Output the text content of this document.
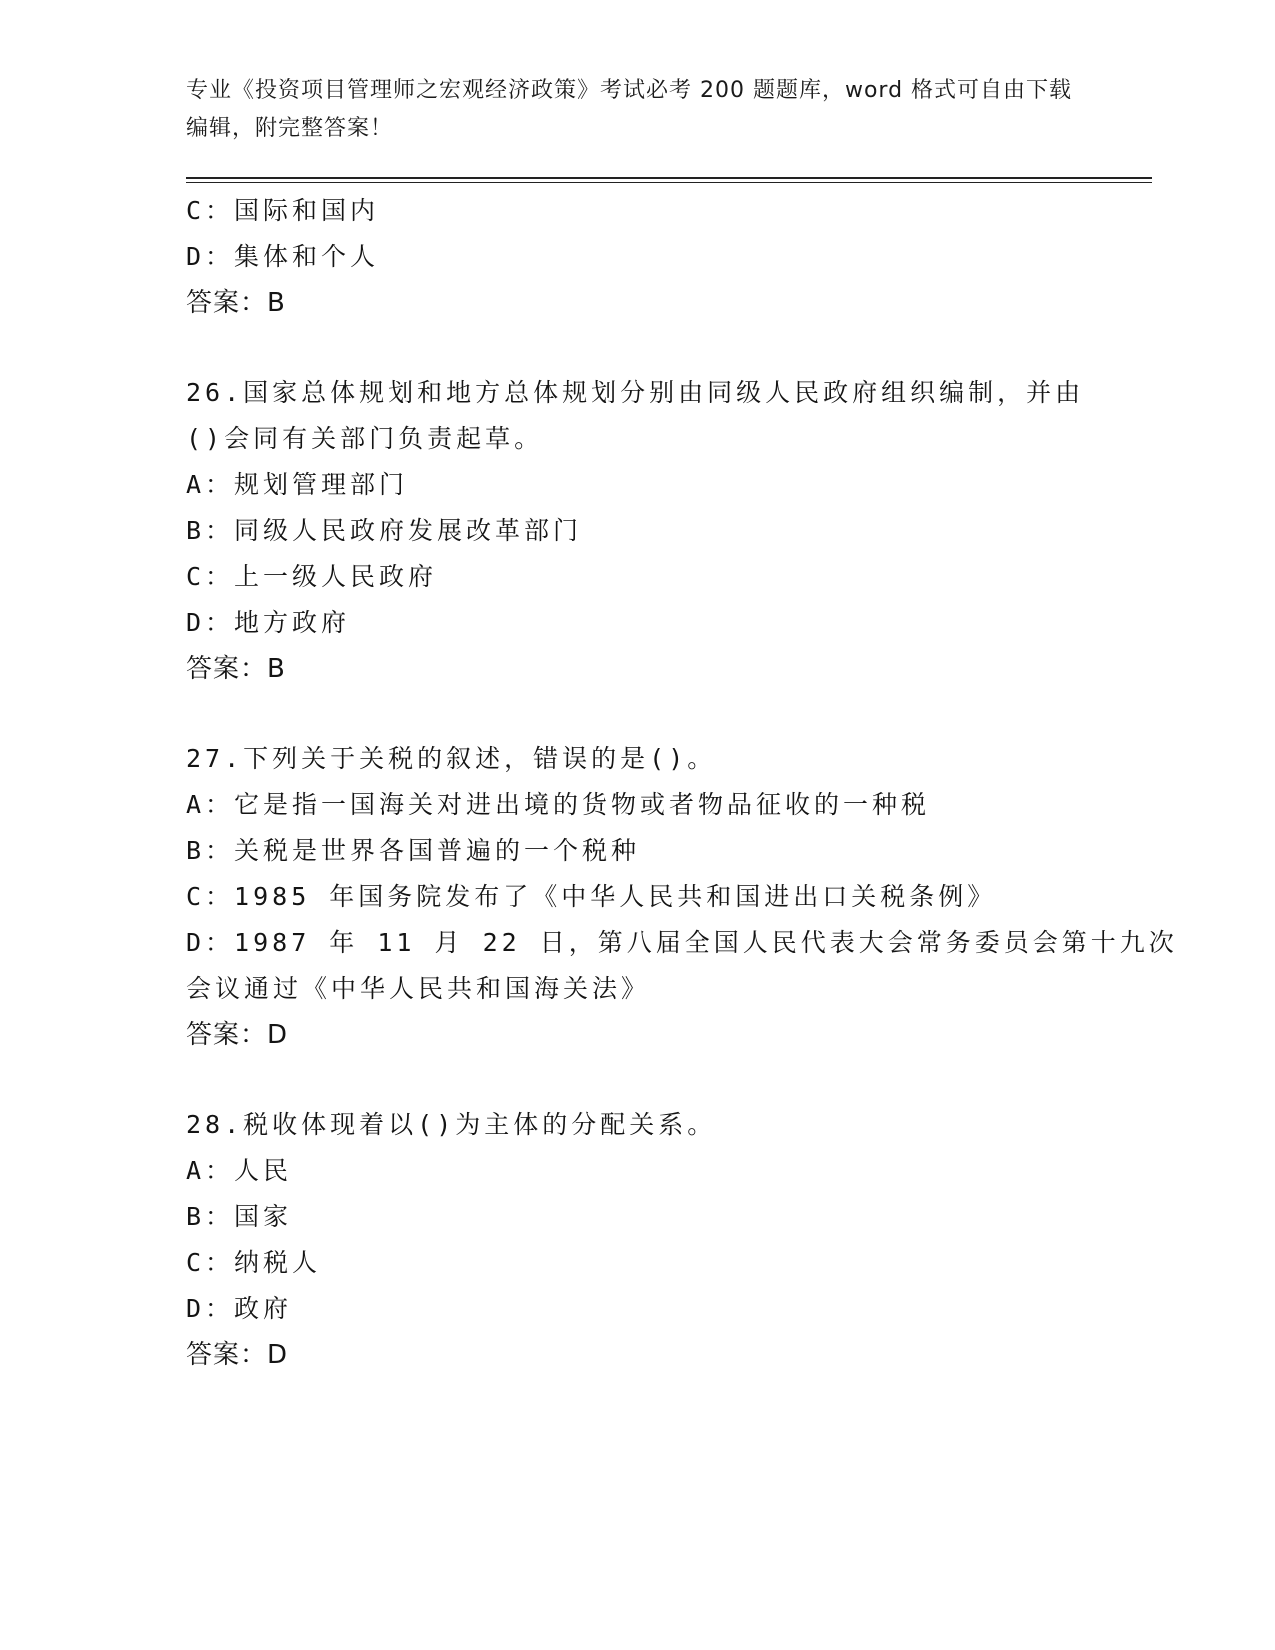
专业《投资项目管理师之宏观经济政策》考试必考 200 题题库，word 格式可自由下载编辑，附完整答案！
C：国际和国内
D：集体和个人
答案：B
26.国家总体规划和地方总体规划分别由同级人民政府组织编制，并由
()会同有关部门负责起草。
A：规划管理部门
B：同级人民政府发展改革部门
C：上一级人民政府
D：地方政府
答案：B
27.下列关于关税的叙述，错误的是()。
A：它是指一国海关对进出境的货物或者物品征收的一种税
B：关税是世界各国普遍的一个税种
C：1985 年国务院发布了《中华人民共和国进出口关税条例》
D：1987 年 11 月 22 日，第八届全国人民代表大会常务委员会第十九次
会议通过《中华人民共和国海关法》
答案：D
28.税收体现着以()为主体的分配关系。
A：人民
B：国家
C：纳税人
D：政府
答案：D
